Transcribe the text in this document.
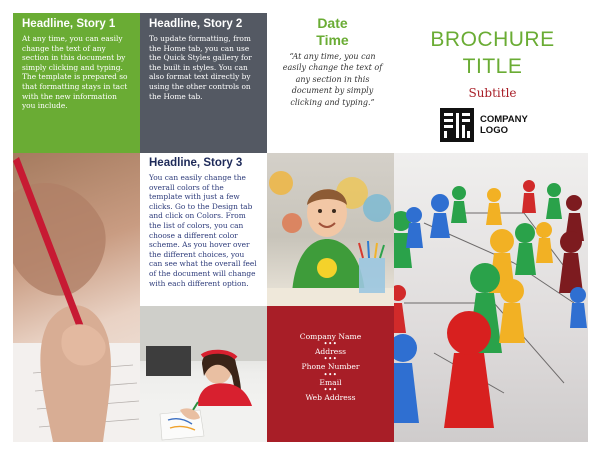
Headline, Story 1

At any time, you can easily change the text of any section in this document by simply clicking and typing. The template is prepared so that formatting stays in tact with the new information you include.

Headline, Story 2

To update formatting, from the Home tab, you can use the Quick Styles gallery for the built in styles. You can also format text directly by using the other controls on the Home tab.

Date
Time
“At any time, you can easily change the text of any section in this document by simply clicking and typing.”
BROCHURE
TITLE
Subtitle
COMPANY
LOGO

Headline, Story 3

You can easily change the overall colors of the template with just a few clicks. Go to the Design tab and click on Colors. From the list of colors, you can choose a different color scheme. As you hover over the different choices, you can see what the overall feel of the document will change with each different option.

Company Name
•••
Address
•••
Phone Number
•••
Email
•••
Web Address
